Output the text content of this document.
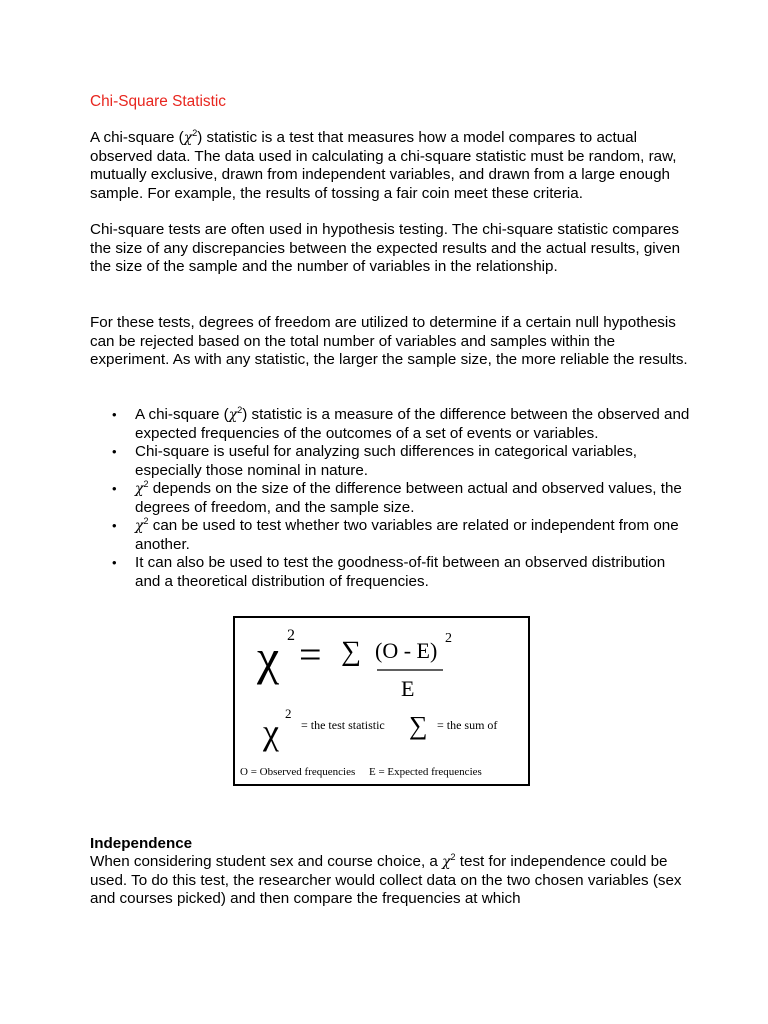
Chi-Square Statistic

A chi-square $(\chi^2)$ statistic is a test that measures how a model compares to actual observed data. The data used in calculating a chi-square statistic must be random, raw, mutually exclusive, drawn from independent variables, and drawn from a large enough sample. For example, the results of tossing a fair coin meet these criteria.

Chi-square tests are often used in hypothesis testing. The chi-square statistic compares the size of any discrepancies between the expected results and the actual results, given the size of the sample and the number of variables in the relationship.

For these tests, degrees of freedom are utilized to determine if a certain null hypothesis can be rejected based on the total number of variables and samples within the experiment. As with any statistic, the larger the sample size, the more reliable the results.

• A chi-square $(\chi^2)$ statistic is a measure of the difference between the observed and expected frequencies of the outcomes of a set of events or variables.
• Chi-square is useful for analyzing such differences in categorical variables, especially those nominal in nature.
• $\chi^2$ depends on the size of the difference between actual and observed values, the degrees of freedom, and the sample size.
• $\chi^2$ can be used to test whether two variables are related or independent from one another.
• It can also be used to test the goodness-of-fit between an observed distribution and a theoretical distribution of frequencies.
χ 2 = ∑ (O - E) 2
E
χ 2
= the test statistic ∑ = the sum of
O = Observed frequencies E = Expected frequencies
Independence

When considering student sex and course choice, a $\chi^2$ test for independence could be used. To do this test, the researcher would collect data on the two chosen variables (sex and courses picked) and then compare the frequencies at which
